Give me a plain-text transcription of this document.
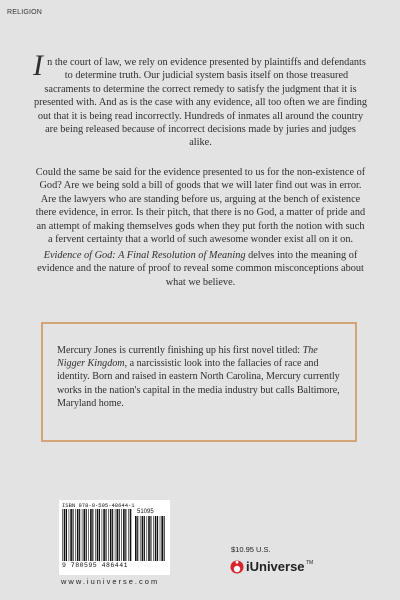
RELIGION
In the court of law, we rely on evidence presented by plaintiffs and defendants to determine truth. Our judicial system basis itself on those treasured sacraments to determine the correct remedy to satisfy the judgment that it is presented with. And as is the case with any evidence, all too often we are finding out that it is being read incorrectly. Hundreds of inmates all around the country are being released because of incorrect decisions made by juries and judges alike.
Could the same be said for the evidence presented to us for the non-existence of God? Are we being sold a bill of goods that we will later find out was in error. Are the lawyers who are standing before us, arguing at the bench of existence there evidence, in error. Is their pitch, that there is no God, a matter of pride and an attempt of making themselves gods when they put forth the notion with such a fervent certainty that a world of such awesome wonder exist all on it on.
Evidence of God: A Final Resolution of Meaning delves into the meaning of evidence and the nature of proof to reveal some common misconceptions about what we believe.
Mercury Jones is currently finishing up his first novel titled: The Nigger Kingdom, a narcissistic look into the fallacies of race and identity. Born and raised in eastern North Carolina, Mercury currently works in the nation's capital in the media industry but calls Baltimore, Maryland home.
ISBN 978-0-595-48644-1
51095
9 780595 486441
www.iuniverse.com
$10.95 U.S.
iUniverse TM
